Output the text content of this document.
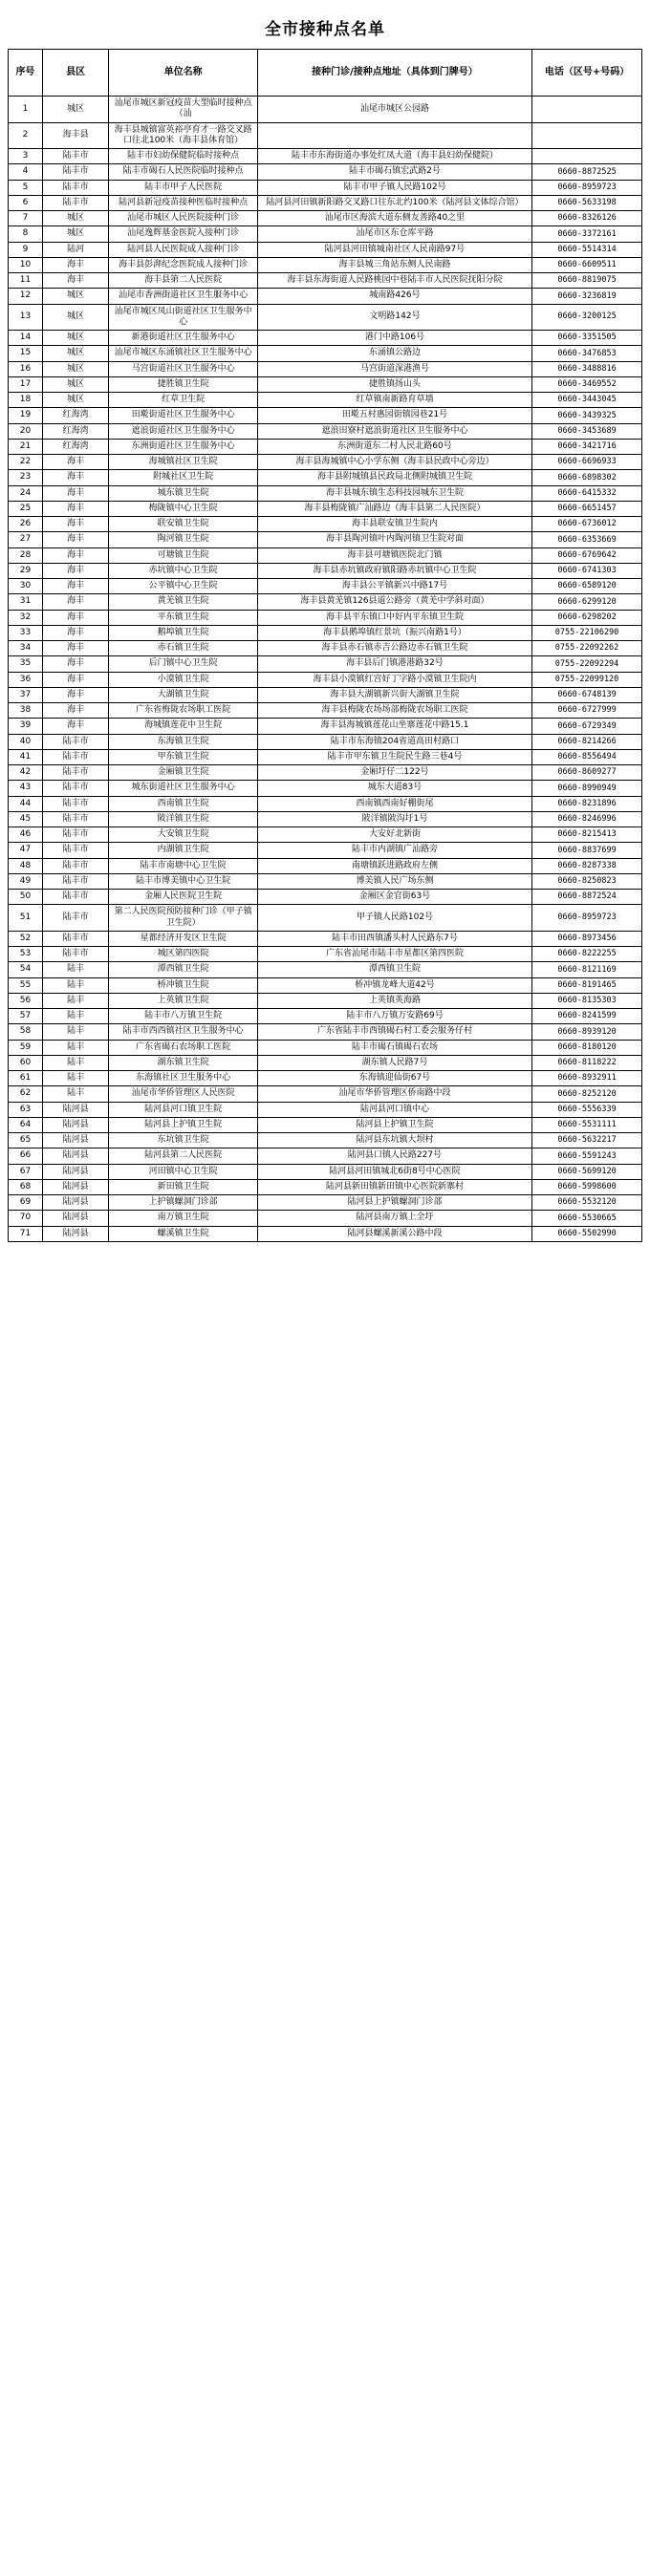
全市接种点名单
序号	县区	单位名称	接种门诊/接种点地址（具体到门牌号）	电话（区号+号码）
1	城区	汕尾市城区新冠疫苗大型临时接种点（汕	汕尾市城区公园路	
2	海丰县	海丰县城镇富英裕亭育才一路交叉路口往北100米（海丰县体育馆）		
3	陆丰市	陆丰市妇幼保健院临时接种点	陆丰市东海街道办事处红凤大道（海丰县妇幼保健院）	
4	陆丰市	陆丰市碣石人民医院临时接种点	陆丰市碣石镇宏武路2号	0660-8872525
5	陆丰市	陆丰市甲子人民医院	陆丰市甲子镇人民路102号	0660-8959723
6	陆丰市	陆河县新冠疫苗接种医临时接种点	陆河县河田镇新阳路交叉路口往东北约100米（陆河县文体综合馆）	0660-5633198
7	城区	汕尾市城区人民医院接种门诊	汕尾市区海滨大道东侧友善路40之里	0660-8326126
8	城区	汕尾逸辉基金医院入接种门诊	汕尾市区东仓库平路	0660-3372161
9	陆河	陆河县人民医院成人接种门诊	陆河县河田镇城南社区人民南路97号	0660-5514314
10	海丰	海丰县彭湃纪念医院成人接种门诊	海丰县城三角站东侧人民南路	0660-6609511
11	海丰	海丰县第二人民医院	海丰县东海街道人民路桃园中巷陆丰市人民医院抚阳分院	0660-8819075
12	城区	汕尾市香洲街道社区卫生服务中心	城南路426号	0660-3236819
13	城区	汕尾市城区凤山街道社区卫生服务中心	文明路142号	0660-3200125
14	城区	新港街道社区卫生服务中心	港门中路106号	0660-3351505
15	城区	汕尾市城区东涌镇社区卫生服务中心	东涌镇公路边	0660-3476853
16	城区	马宫街道社区卫生服务中心	马宫街道深港渔号	0660-3488816
17	城区	捷胜镇卫生院	捷胜镇扬山头	0660-3469552
18	城区	红草卫生院	红草镇南新路育草墙	0660-3443045
19	红海湾	田墘街道社区卫生服务中心	田墘五村惠园街镇园巷21号	0660-3439325
20	红海湾	遮浪街道社区卫生服务中心	遮浪田寮村遮浪街道社区卫生服务中心	0660-3453689
21	红海湾	东洲街道社区卫生服务中心	东洲街道东二村人民北路60号	0660-3421716
22	海丰	海城镇社区卫生院	海丰县海城镇中心小学东侧（海丰县民政中心旁边）	0660-6696933
23	海丰	附城社区卫生院	海丰县附城镇县民政局北侧附城镇卫生院	0660-6898302
24	海丰	城东镇卫生院	海丰县城东镇生态科技园城东卫生院	0660-6415332
25	海丰	梅陇镇中心卫生院	海丰县梅陇镇广汕路边（海丰县第二人民医院）	0660-6651457
26	海丰	联安镇卫生院	海丰县联安镇卫生院内	0660-6736012
27	海丰	陶河镇卫生院	海丰县陶河镇叶内陶河镇卫生院对面	0660-6353669
28	海丰	可塘镇卫生院	海丰县可塘镇医院北门镇	0660-6769642
29	海丰	赤坑镇中心卫生院	海丰县赤坑镇政府镇阳路赤坑镇中心卫生院	0660-6741303
30	海丰	公平镇中心卫生院	海丰县公平镇新兴中路17号	0660-6589120
31	海丰	黄羌镇卫生院	海丰县黄羌镇126县道公路旁（黄羌中学斜对面）	0660-6299120
32	海丰	平东镇卫生院	海丰县平东镇口中好内平东镇卫生院	0660-6298202
33	海丰	鹅埠镇卫生院	海丰县鹅埠镇红景坑（振兴南路1号）	0755-22106290
34	海丰	赤石镇卫生院	海丰县赤石镇赤吉公路边赤石镇卫生院	0755-22092262
35	海丰	后门镇中心卫生院	海丰县后门镇港港路32号	0755-22092294
36	海丰	小漠镇卫生院	海丰县小漠镇红宫好丁字路小漠镇卫生院内	0755-22099120
37	海丰	大湖镇卫生院	海丰县大湖镇新兴街大湖镇卫生院	0660-6748139
38	海丰	广东省梅陇农场职工医院	海丰县梅陇农场场部梅陇农场职工医院	0660-6727999
39	海丰	海城镇莲花中卫生院	海丰县海城镇莲花山坐寨莲花中路15.1	0660-6729349
40	陆丰市	东海镇卫生院	陆丰市东海镇204省道高田村路口	0660-8214266
41	陆丰市	甲东镇卫生院	陆丰市甲东镇卫生院民生路三巷4号	0660-8556494
42	陆丰市	金厢镇卫生院	金厢圩仔二122号	0660-8609277
43	陆丰市	城东街道社区卫生服务中心	城东大道83号	0660-8990949
44	陆丰市	西南镇卫生院	西南镇西南好棚街尾	0660-8231896
45	陆丰市	陂洋镇卫生院	陂洋镇陂沟圩1号	0660-8246996
46	陆丰市	大安镇卫生院	大安好北新街	0660-8215413
47	陆丰市	内湖镇卫生院	陆丰市内湖镇广汕路旁	0660-8837699
48	陆丰市	陆丰市南塘中心卫生院	南塘镇跃进路政府左侧	0660-8287338
49	陆丰市	陆丰市博美镇中心卫生院	博美镇人民广场东侧	0660-8250823
50	陆丰市	金厢人民医院卫生院	金厢区金官街63号	0660-8872524
51	陆丰市	第二人民医院预防接种门诊（甲子镇卫生院）	甲子镇人民路102号	0660-8959723
52	陆丰市	星都经济开发区卫生院	陆丰市田西镇潘头村人民路东7号	0660-8973456
53	陆丰市	城区第四医院	广东省汕尾市陆丰市星都区第四医院	0660-8222255
54	陆丰	潭西镇卫生院	潭西镇卫生院	0660-8121169
55	陆丰	桥冲镇卫生院	桥冲镇龙峰大道42号	0660-8191465
56	陆丰	上英镇卫生院	上英镇英海路	0660-8135303
57	陆丰	陆丰市八万镇卫生院	陆丰市八万镇万安路69号	0660-8241599
58	陆丰	陆丰市西西镇社区卫生服务中心	广东省陆丰市西镇碣石村工委会服务仔村	0660-8939120
59	陆丰	广东省碣石农场职工医院	陆丰市碣石镇碣石农场	0660-8180120
60	陆丰	湖东镇卫生院	湖东镇人民路7号	0660-8118222
61	陆丰	东海镇社区卫生服务中心	东海镇迎仙街67号	0660-8932911
62	陆丰	汕尾市华侨管理区人民医院	汕尾市华侨管理区侨南路中段	0660-8252120
63	陆河县	陆河县河口镇卫生院	陆河县河口镇中心	0660-5556339
64	陆河县	陆河县上护镇卫生院	陆河县上护镇卫生院	0660-5531111
65	陆河县	东坑镇卫生院	陆河县东坑镇大坝村	0660-5632217
66	陆河县	陆河县第二人民医院	陆河县口镇人民路227号	0660-5591243
67	陆河县	河田镇中心卫生院	陆河县河田镇城北6街8号中心医院	0660-5699120
68	陆河县	新田镇卫生院	陆河县新田镇新田镇中心医院新寨村	0660-5998600
69	陆河县	上护镇螺洞门诊部	陆河县上护镇螺洞门诊部	0660-5532120
70	陆河县	南万镇卫生院	陆河县南万镇上全圩	0660-5530665
71	陆河县	螺溪镇卫生院	陆河县螺溪新溪公路中段	0660-5502990
